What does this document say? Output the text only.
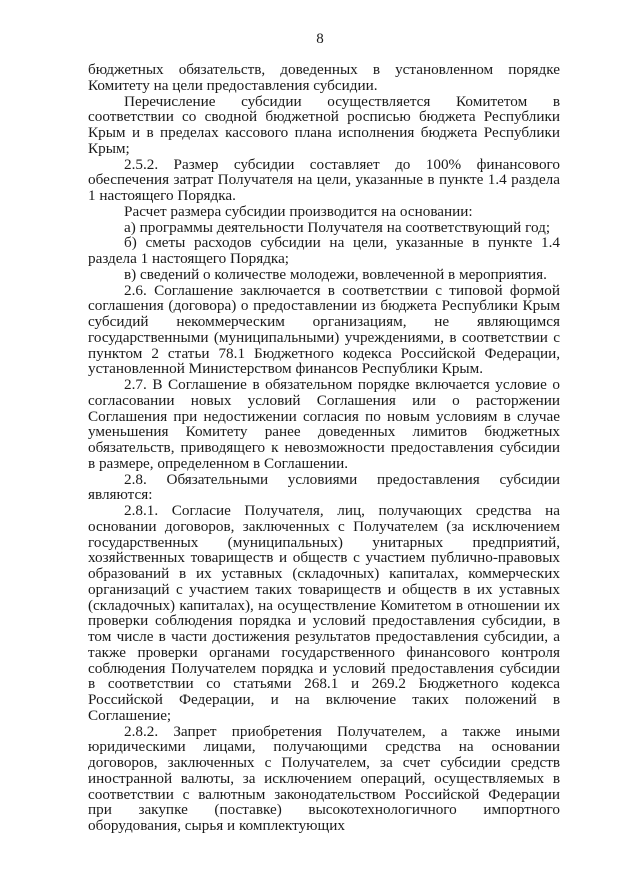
8

бюджетных обязательств, доведенных в установленном порядке Комитету на цели предоставления субсидии.

Перечисление субсидии осуществляется Комитетом в соответствии со сводной бюджетной росписью бюджета Республики Крым и в пределах кассового плана исполнения бюджета Республики Крым;

2.5.2. Размер субсидии составляет до 100% финансового обеспечения затрат Получателя на цели, указанные в пункте 1.4 раздела 1 настоящего Порядка.

Расчет размера субсидии производится на основании:

а) программы деятельности Получателя на соответствующий год;

б) сметы расходов субсидии на цели, указанные в пункте 1.4 раздела 1 настоящего Порядка;

в) сведений о количестве молодежи, вовлеченной в мероприятия.

2.6. Соглашение заключается в соответствии с типовой формой соглашения (договора) о предоставлении из бюджета Республики Крым субсидий некоммерческим организациям, не являющимся государственными (муниципальными) учреждениями, в соответствии с пунктом 2 статьи 78.1 Бюджетного кодекса Российской Федерации, установленной Министерством финансов Республики Крым.

2.7. В Соглашение в обязательном порядке включается условие о согласовании новых условий Соглашения или о расторжении Соглашения при недостижении согласия по новым условиям в случае уменьшения Комитету ранее доведенных лимитов бюджетных обязательств, приводящего к невозможности предоставления субсидии в размере, определенном в Соглашении.

2.8. Обязательными условиями предоставления субсидии являются:

2.8.1. Согласие Получателя, лиц, получающих средства на основании договоров, заключенных с Получателем (за исключением государственных (муниципальных) унитарных предприятий, хозяйственных товариществ и обществ с участием публично-правовых образований в их уставных (складочных) капиталах, коммерческих организаций с участием таких товариществ и обществ в их уставных (складочных) капиталах), на осуществление Комитетом в отношении их проверки соблюдения порядка и условий предоставления субсидии, в том числе в части достижения результатов предоставления субсидии, а также проверки органами государственного финансового контроля соблюдения Получателем порядка и условий предоставления субсидии в соответствии со статьями 268.1 и 269.2 Бюджетного кодекса Российской Федерации, и на включение таких положений в Соглашение;

2.8.2. Запрет приобретения Получателем, а также иными юридическими лицами, получающими средства на основании договоров, заключенных с Получателем, за счет субсидии средств иностранной валюты, за исключением операций, осуществляемых в соответствии с валютным законодательством Российской Федерации при закупке (поставке) высокотехнологичного импортного оборудования, сырья и комплектующих
